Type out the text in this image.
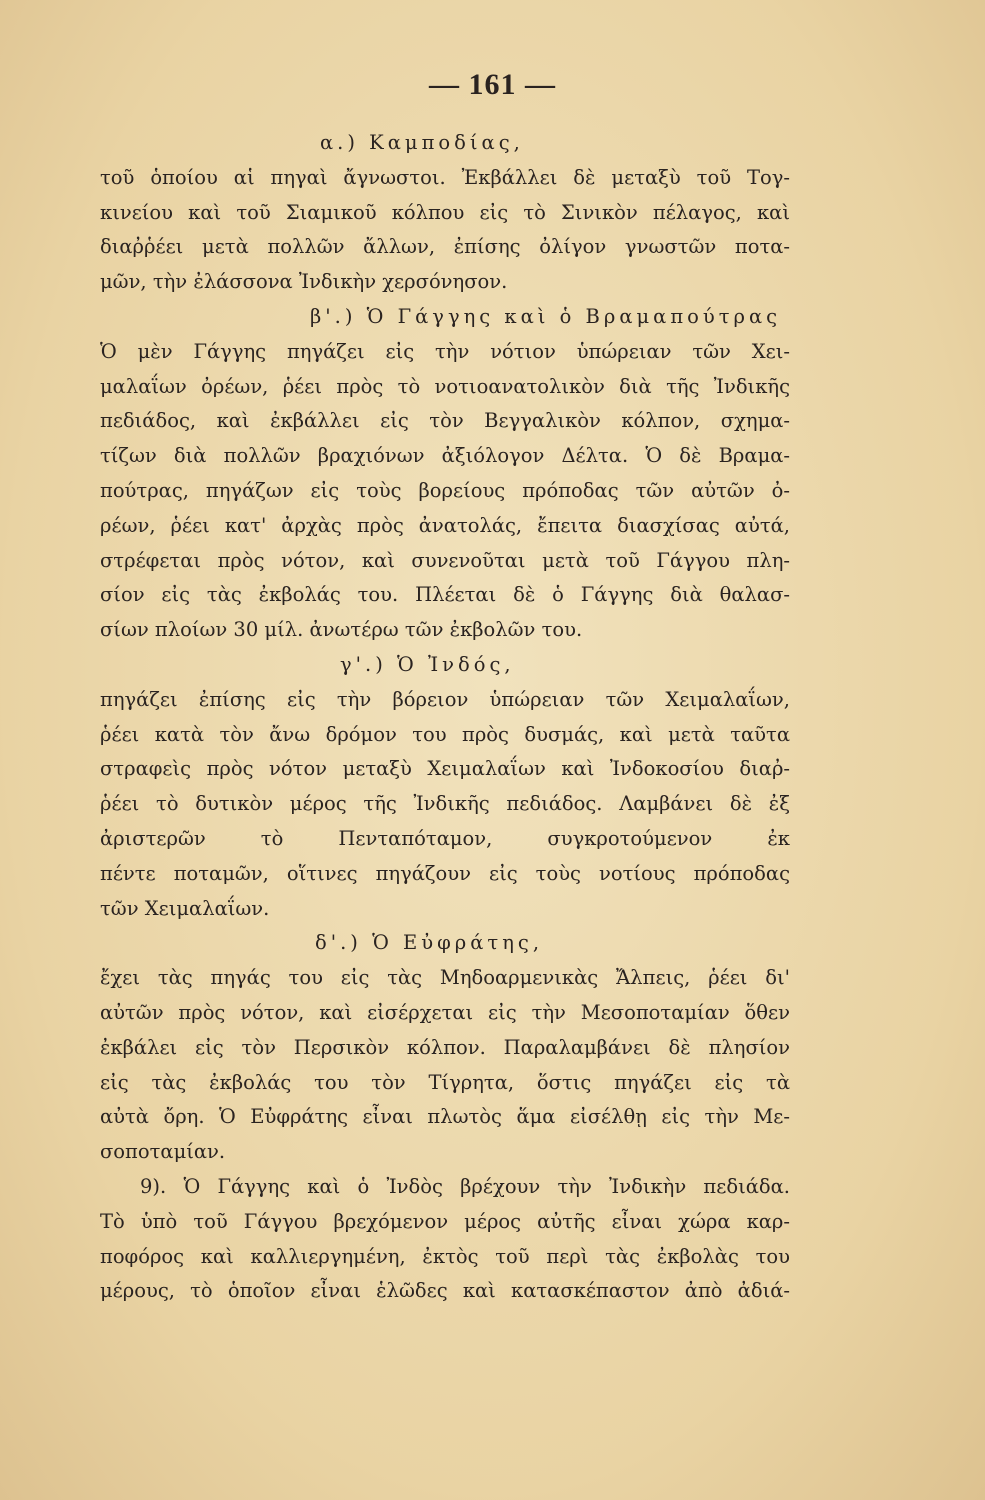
— 161 —
α.) Καμποδίας,
τοῦ ὁποίου αἱ πηγαὶ ἄγνωστοι. Ἐκβάλλει δὲ μεταξὺ τοῦ Τογ-
κινείου καὶ τοῦ Σιαμικοῦ κόλπου εἰς τὸ Σινικὸν πέλαγος, καὶ
διαῤῥέει μετὰ πολλῶν ἄλλων, ἐπίσης ὀλίγον γνωστῶν ποτα-
μῶν, τὴν ἐλάσσονα Ἰνδικὴν χερσόνησον.
β'.) Ὁ Γάγγης καὶ ὁ Βραμαπούτρας
Ὁ μὲν Γάγγης πηγάζει εἰς τὴν νότιον ὑπώρειαν τῶν Χει-
μαλαΐων ὀρέων, ῥέει πρὸς τὸ νοτιοανατολικὸν διὰ τῆς Ἰνδικῆς
πεδιάδος, καὶ ἐκβάλλει εἰς τὸν Βεγγαλικὸν κόλπον, σχημα-
τίζων διὰ πολλῶν βραχιόνων ἀξιόλογον Δέλτα. Ὁ δὲ Βραμα-
πούτρας, πηγάζων εἰς τοὺς βορείους πρόποδας τῶν αὐτῶν ὀ-
ρέων, ῥέει κατ' ἀρχὰς πρὸς ἀνατολάς, ἔπειτα διασχίσας αὐτά,
στρέφεται πρὸς νότον, καὶ συνενοῦται μετὰ τοῦ Γάγγου πλη-
σίον εἰς τὰς ἐκβολάς του. Πλέεται δὲ ὁ Γάγγης διὰ θαλασ-
σίων πλοίων 30 μίλ. ἀνωτέρω τῶν ἐκβολῶν του.
γ'.) Ὁ Ἰνδός,
πηγάζει ἐπίσης εἰς τὴν βόρειον ὑπώρειαν τῶν Χειμαλαΐων,
ῥέει κατὰ τὸν ἄνω δρόμον του πρὸς δυσμάς, καὶ μετὰ ταῦτα
στραφεὶς πρὸς νότον μεταξὺ Χειμαλαΐων καὶ Ἰνδοκοσίου διαῤ-
ῥέει τὸ δυτικὸν μέρος τῆς Ἰνδικῆς πεδιάδος. Λαμβάνει δὲ ἐξ
ἀριστερῶν τὸ Πενταπόταμον, συγκροτούμενον ἐκ
πέντε ποταμῶν, οἵτινες πηγάζουν εἰς τοὺς νοτίους πρόποδας
τῶν Χειμαλαΐων.
δ'.) Ὁ Εὐφράτης,
ἔχει τὰς πηγάς του εἰς τὰς Μηδοαρμενικὰς Ἄλπεις, ῥέει δι'
αὐτῶν πρὸς νότον, καὶ εἰσέρχεται εἰς τὴν Μεσοποταμίαν ὅθεν
ἐκβάλει εἰς τὸν Περσικὸν κόλπον. Παραλαμβάνει δὲ πλησίον
εἰς τὰς ἐκβολάς του τὸν Τίγρητα, ὅστις πηγάζει εἰς τὰ
αὐτὰ ὄρη. Ὁ Εὐφράτης εἶναι πλωτὸς ἅμα εἰσέλθῃ εἰς τὴν Με-
σοποταμίαν.
9). Ὁ Γάγγης καὶ ὁ Ἰνδὸς βρέχουν τὴν Ἰνδικὴν πεδιάδα.
Τὸ ὑπὸ τοῦ Γάγγου βρεχόμενον μέρος αὐτῆς εἶναι χώρα καρ-
ποφόρος καὶ καλλιεργημένη, ἐκτὸς τοῦ περὶ τὰς ἐκβολὰς του
μέρους, τὸ ὁποῖον εἶναι ἑλῶδες καὶ κατασκέπαστον ἀπὸ ἀδιά-
